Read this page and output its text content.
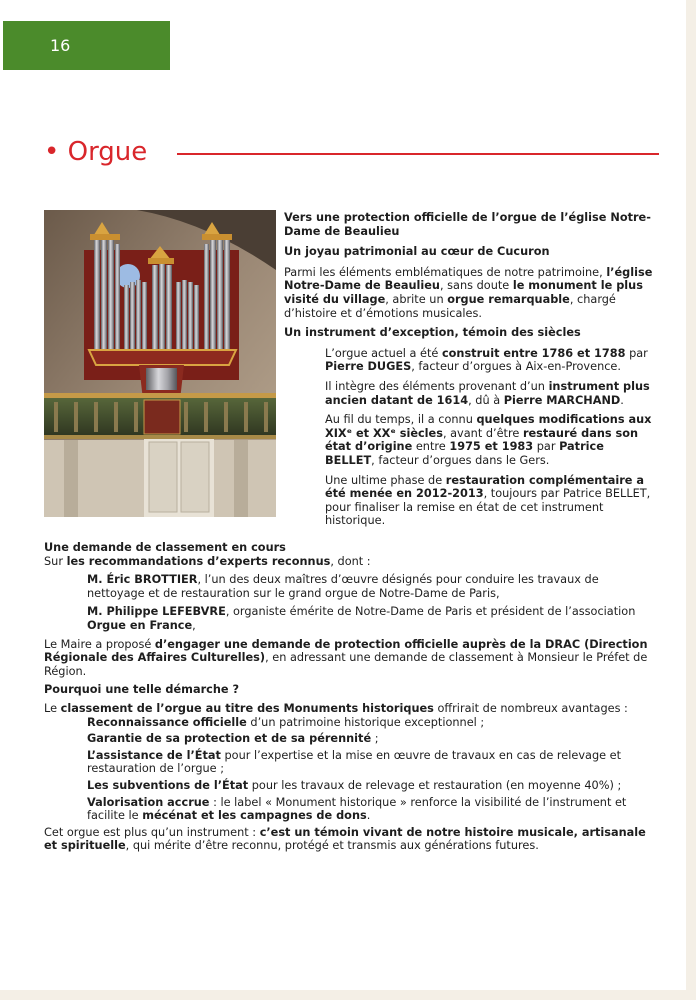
16
• Orgue

Vers une protection officielle de l’orgue de l’église Notre-Dame de Beaulieu

Un joyau patrimonial au cœur de Cucuron

Parmi les éléments emblématiques de notre patrimoine, l’église Notre-Dame de Beaulieu, sans doute le monument le plus visité du village, abrite un orgue remarquable, chargé d’histoire et d’émotions musicales.

Un instrument d’exception, témoin des siècles

L’orgue actuel a été construit entre 1786 et 1788 par Pierre DUGES, facteur d’orgues à Aix-en-Provence.

Il intègre des éléments provenant d’un instrument plus ancien datant de 1614, dû à Pierre MARCHAND.

Au fil du temps, il a connu quelques modifications aux XIXᵉ et XXᵉ siècles, avant d’être restauré dans son état d’origine entre 1975 et 1983 par Patrice BELLET, facteur d’orgues dans le Gers.

Une ultime phase de restauration complémentaire a été menée en 2012-2013, toujours par Patrice BELLET, pour finaliser la remise en état de cet instrument historique.

Une demande de classement en cours

Sur les recommandations d’experts reconnus, dont :

M. Éric BROTTIER, l’un des deux maîtres d’œuvre désignés pour conduire les travaux de nettoyage et de restauration sur le grand orgue de Notre-Dame de Paris,

M. Philippe LEFEBVRE, organiste émérite de Notre-Dame de Paris et président de l’association Orgue en France,

Le Maire a proposé d’engager une demande de protection officielle auprès de la DRAC (Direction Régionale des Affaires Culturelles), en adressant une demande de classement à Monsieur le Préfet de Région.

Pourquoi une telle démarche ?

Le classement de l’orgue au titre des Monuments historiques offrirait de nombreux avantages :

Reconnaissance officielle d’un patrimoine historique exceptionnel ;

Garantie de sa protection et de sa pérennité ;

L’assistance de l’État pour l’expertise et la mise en œuvre de travaux en cas de relevage et restauration de l’orgue ;

Les subventions de l’État pour les travaux de relevage et restauration (en moyenne 40%) ;

Valorisation accrue : le label « Monument historique » renforce la visibilité de l’instrument et facilite le mécénat et les campagnes de dons.

Cet orgue est plus qu’un instrument : c’est un témoin vivant de notre histoire musicale, artisanale et spirituelle, qui mérite d’être reconnu, protégé et transmis aux générations futures.
